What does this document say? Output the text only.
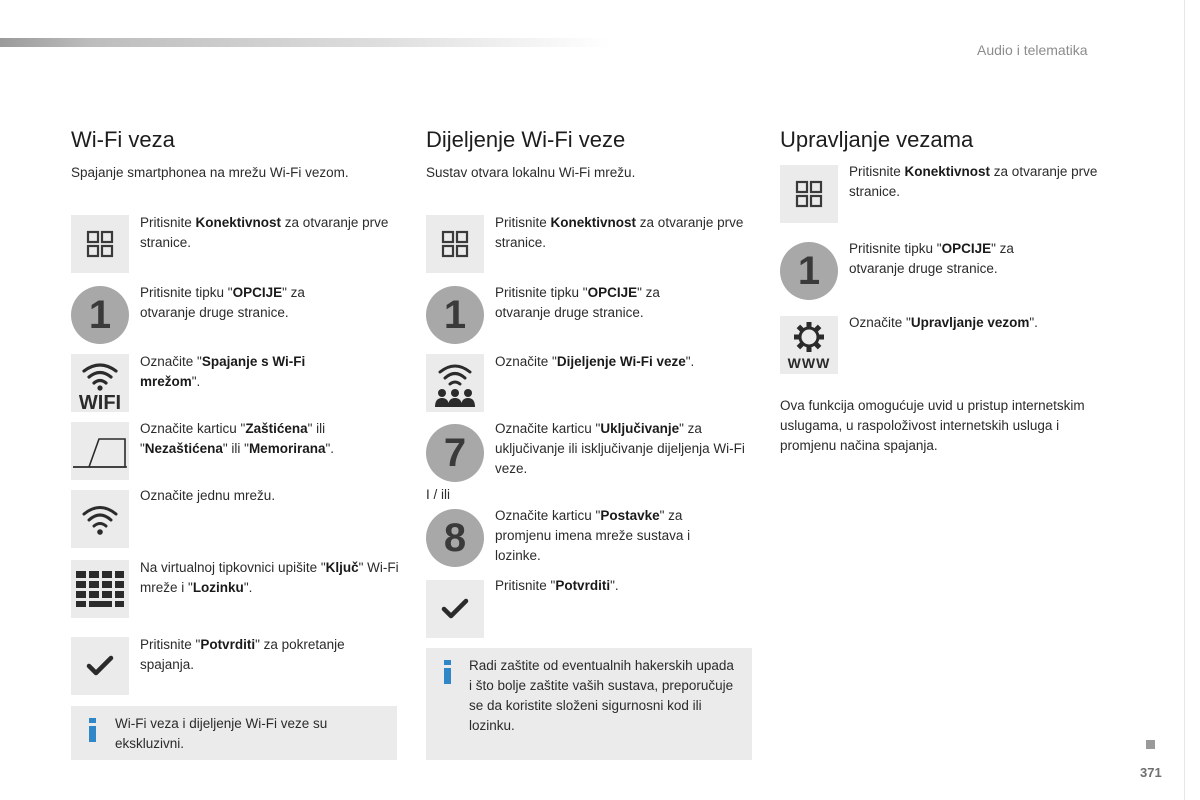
Audio i telematika
Wi-Fi veza
Spajanje smartphonea na mrežu Wi-Fi vezom.
Pritisnite Konektivnost za otvaranje prve stranice.
1	Pritisnite tipku "OPCIJE" za otvaranje druge stranice.
WIFI
Označite "Spajanje s Wi-Fi mrežom".
Označite karticu "Zaštićena" ili "Nezaštićena" ili "Memorirana".
Označite jednu mrežu.
Na virtualnoj tipkovnici upišite "Ključ" Wi-Fi mreže i "Lozinku".
Pritisnite "Potvrditi" za pokretanje spajanja.
Wi-Fi veza i dijeljenje Wi-Fi veze su ekskluzivni.
Dijeljenje Wi-Fi veze
Sustav otvara lokalnu Wi-Fi mrežu.
Pritisnite Konektivnost za otvaranje prve stranice.
1	Pritisnite tipku "OPCIJE" za otvaranje druge stranice.
Označite "Dijeljenje Wi-Fi veze".
7
Označite karticu "Uključivanje" za uključivanje ili isključivanje dijeljenja Wi-Fi veze.
I / ili
8	Označite karticu "Postavke" za promjenu imena mreže sustava i lozinke.
Pritisnite "Potvrditi".
Radi zaštite od eventualnih hakerskih upada i što bolje zaštite vaših sustava, preporučuje se da koristite složeni sigurnosni kod ili lozinku.
Upravljanje vezama
Pritisnite Konektivnost za otvaranje prve stranice.
1	Pritisnite tipku "OPCIJE" za otvaranje druge stranice.
WWW
Označite "Upravljanje vezom".
Ova funkcija omogućuje uvid u pristup internetskim uslugama, u raspoloživost internetskih usluga i promjenu načina spajanja.
371
